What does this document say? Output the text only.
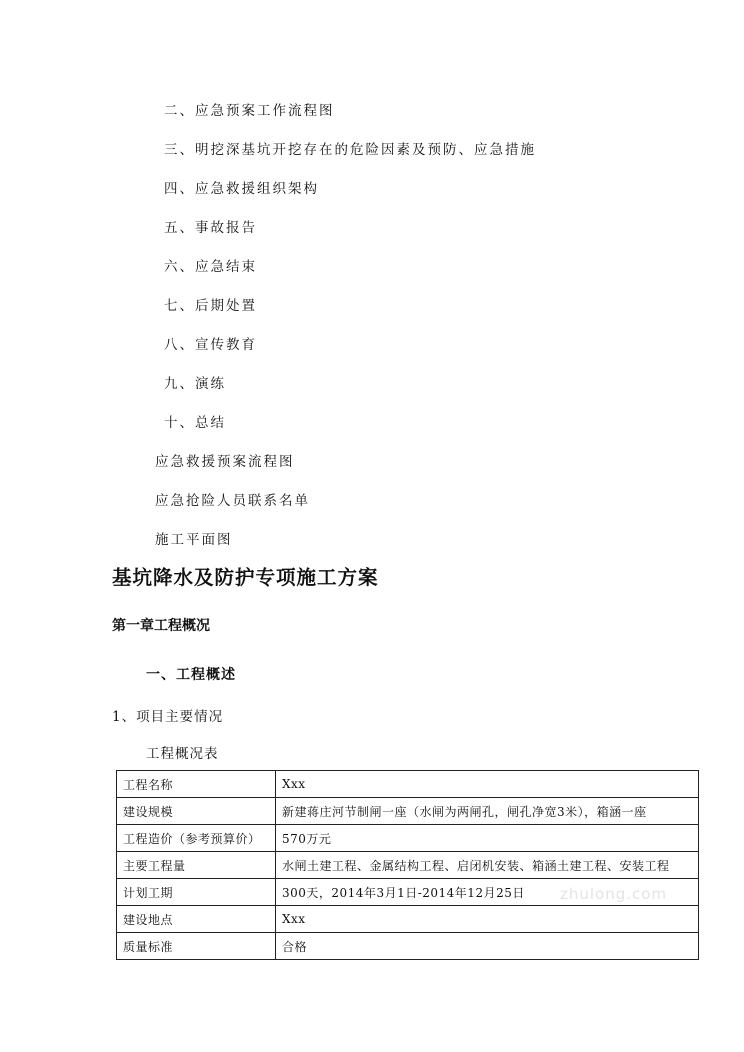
二、应急预案工作流程图
三、明挖深基坑开挖存在的危险因素及预防、应急措施
四、应急救援组织架构
五、事故报告
六、应急结束
七、后期处置
八、宣传教育
九、演练
十、总结
应急救援预案流程图
应急抢险人员联系名单
施工平面图
基坑降水及防护专项施工方案
第一章工程概况
一、工程概述
1、项目主要情况
工程概况表
工程名称	Xxx
建设规模	新建蒋庄河节制闸一座（水闸为两闸孔，闸孔净宽3米），箱涵一座
工程造价（参考预算价）	570万元
主要工程量	水闸土建工程、金属结构工程、启闭机安装、箱涵土建工程、安装工程
计划工期	300天，2014年3月1日-2014年12月25日
建设地点	Xxx
质量标准	合格
zhulong.com
